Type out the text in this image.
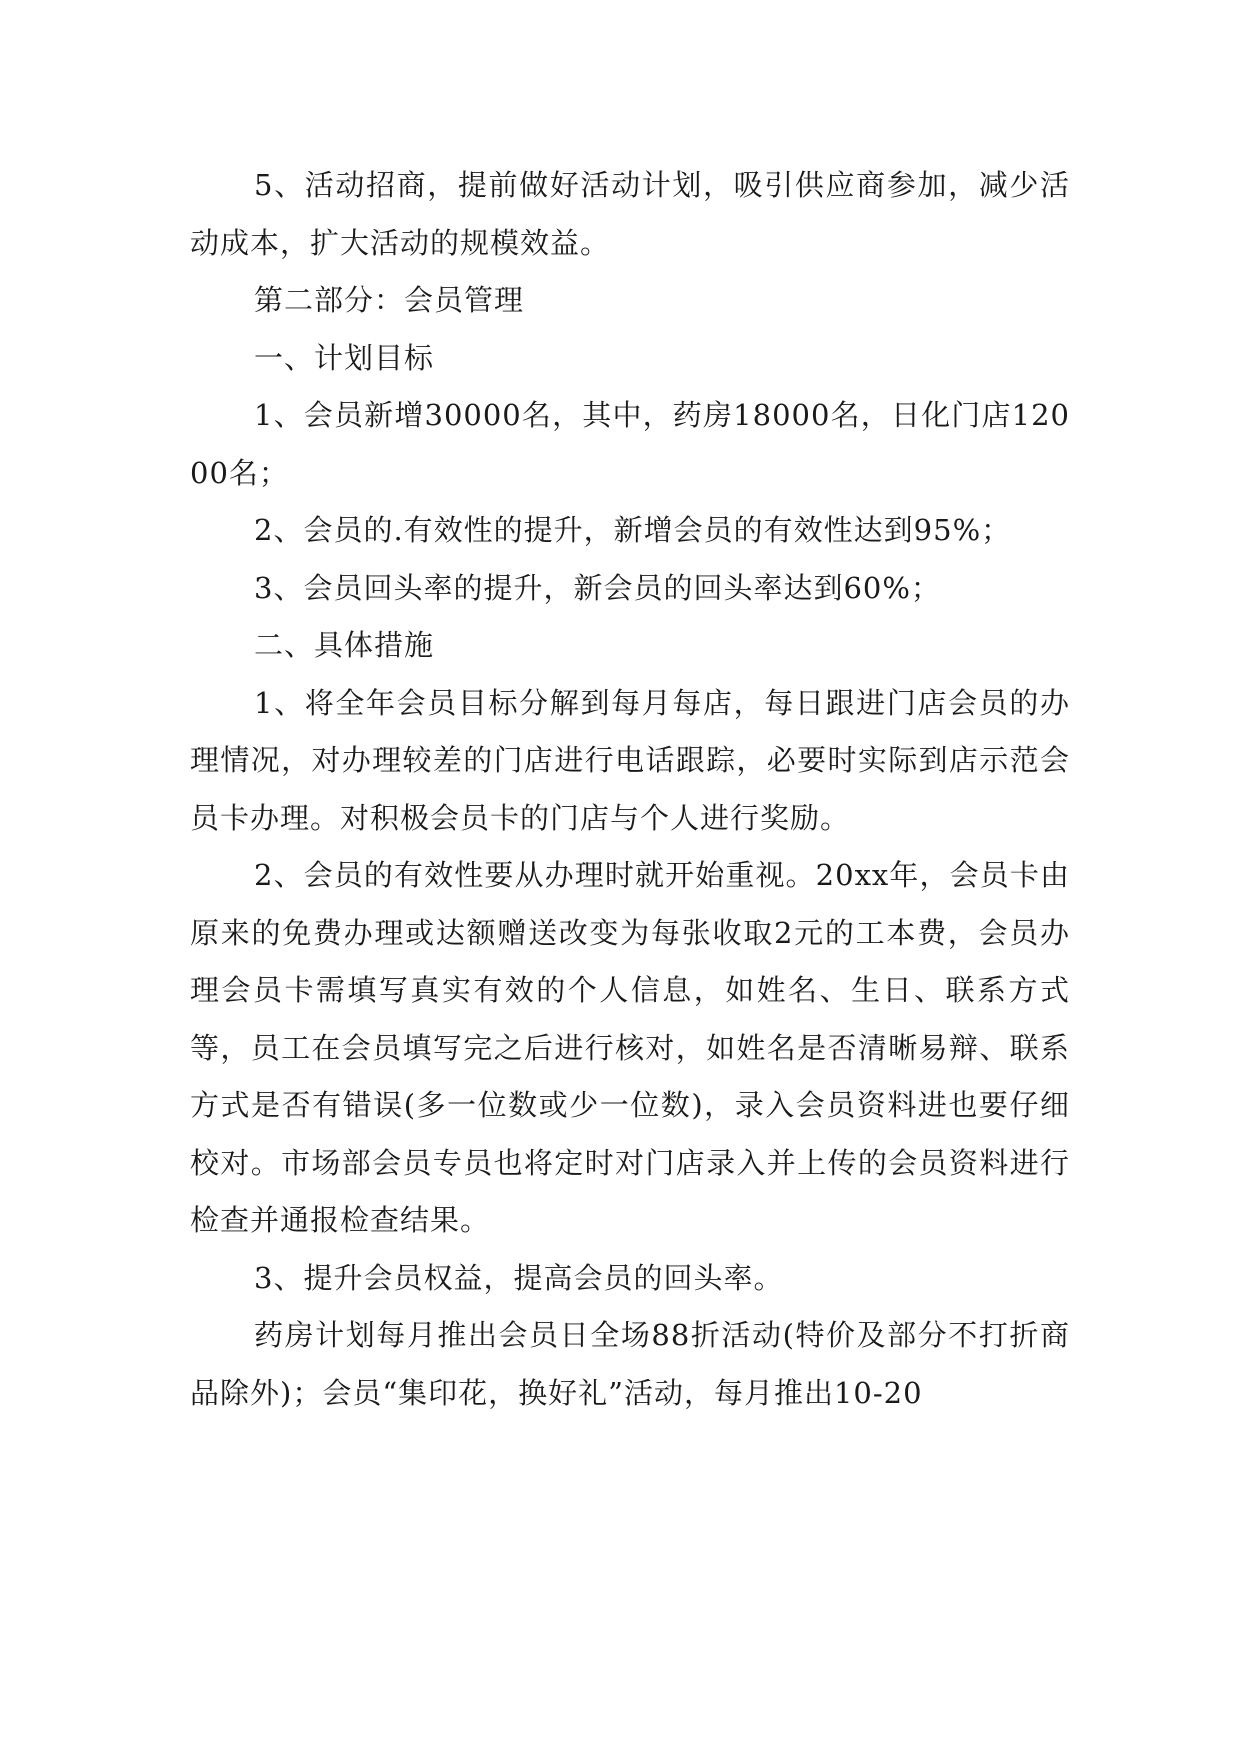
5、活动招商，提前做好活动计划，吸引供应商参加，减少活动成本，扩大活动的规模效益。

第二部分：会员管理

一、计划目标

1、会员新增30000名，其中，药房18000名，日化门店12000名；

2、会员的.有效性的提升，新增会员的有效性达到95%；

3、会员回头率的提升，新会员的回头率达到60%；

二、具体措施

1、将全年会员目标分解到每月每店，每日跟进门店会员的办理情况，对办理较差的门店进行电话跟踪，必要时实际到店示范会员卡办理。对积极会员卡的门店与个人进行奖励。

2、会员的有效性要从办理时就开始重视。20xx年，会员卡由原来的免费办理或达额赠送改变为每张收取2元的工本费，会员办理会员卡需填写真实有效的个人信息，如姓名、生日、联系方式等，员工在会员填写完之后进行核对，如姓名是否清晰易辩、联系方式是否有错误(多一位数或少一位数)，录入会员资料进也要仔细校对。市场部会员专员也将定时对门店录入并上传的会员资料进行检查并通报检查结果。

3、提升会员权益，提高会员的回头率。

药房计划每月推出会员日全场88折活动(特价及部分不打折商品除外)；会员“集印花，换好礼”活动，每月推出10-20
